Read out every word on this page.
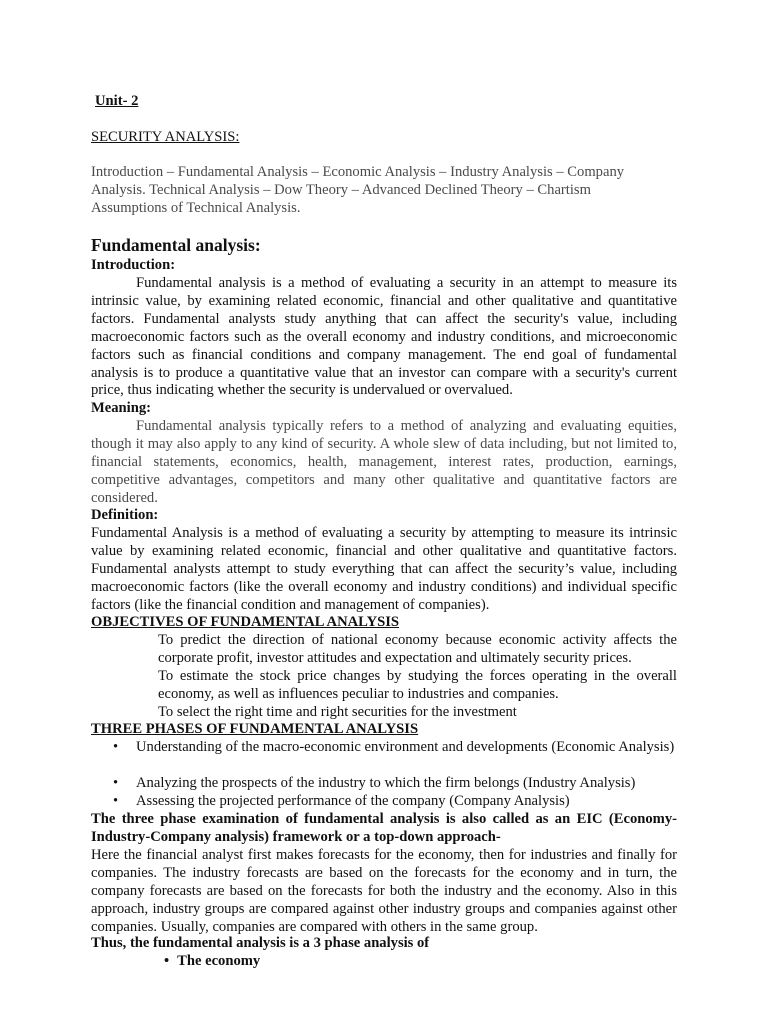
Unit- 2

SECURITY ANALYSIS:

Introduction – Fundamental Analysis – Economic Analysis – Industry Analysis – Company Analysis. Technical Analysis – Dow Theory – Advanced Declined Theory – Chartism Assumptions of Technical Analysis.

Fundamental analysis:

Introduction:

Fundamental analysis is a method of evaluating a security in an attempt to measure its intrinsic value, by examining related economic, financial and other qualitative and quantitative factors. Fundamental analysts study anything that can affect the security's value, including macroeconomic factors such as the overall economy and industry conditions, and microeconomic factors such as financial conditions and company management. The end goal of fundamental analysis is to produce a quantitative value that an investor can compare with a security's current price, thus indicating whether the security is undervalued or overvalued.

Meaning:

Fundamental analysis typically refers to a method of analyzing and evaluating equities, though it may also apply to any kind of security. A whole slew of data including, but not limited to, financial statements, economics, health, management, interest rates, production, earnings, competitive advantages, competitors and many other qualitative and quantitative factors are considered.

Definition:

Fundamental Analysis is a method of evaluating a security by attempting to measure its intrinsic value by examining related economic, financial and other qualitative and quantitative factors. Fundamental analysts attempt to study everything that can affect the security’s value, including macroeconomic factors (like the overall economy and industry conditions) and individual specific factors (like the financial condition and management of companies).

OBJECTIVES OF FUNDAMENTAL ANALYSIS

To predict the direction of national economy because economic activity affects the corporate profit, investor attitudes and expectation and ultimately security prices.

To estimate the stock price changes by studying the forces operating in the overall economy, as well as influences peculiar to industries and companies.

To select the right time and right securities for the investment

THREE PHASES OF FUNDAMENTAL ANALYSIS

• Understanding of the macro-economic environment and developments (Economic Analysis)
• Analyzing the prospects of the industry to which the firm belongs (Industry Analysis)
• Assessing the projected performance of the company (Company Analysis)

The three phase examination of fundamental analysis is also called as an EIC (Economy-Industry-Company analysis) framework or a top-down approach-

Here the financial analyst first makes forecasts for the economy, then for industries and finally for companies. The industry forecasts are based on the forecasts for the economy and in turn, the company forecasts are based on the forecasts for both the industry and the economy. Also in this approach, industry groups are compared against other industry groups and companies against other companies. Usually, companies are compared with others in the same group.

Thus, the fundamental analysis is a 3 phase analysis of

• The economy
